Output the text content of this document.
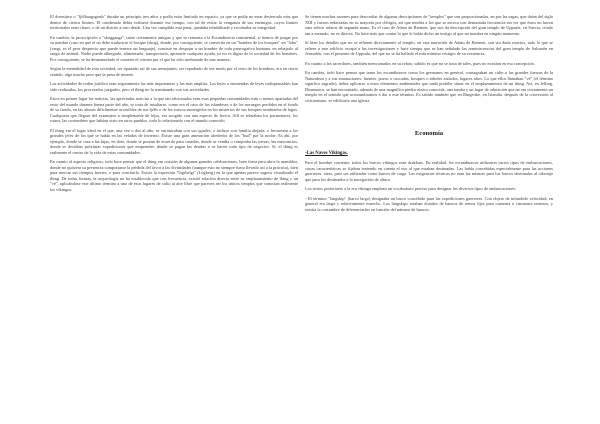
El domstirro o "fjölbaugsgardr" duraba un principio tres años y podía estar limitado en espacio, ya que se podía no estar desterrado más que dentro de ciertos límites. El condenado debía exiliarse durante ese tiempo, con tal de evitar la venganza de sus enemigos, cuyos límites territoriales eran claros, o de un distrito a otro desde. Una vez cumplida esta pena, quedaba rehabilitado y recobraba su integridad.

En cambio, la proscripción o "skoggangr", tanto ciertamente antiguo y que se remonta a la Escandinavia continental, si hemos de juzgar por su nombre (caso en que el no debe traducirse el bosque (skog), donde, por consiguiente, se convertía en un "hombre de los bosques" un "lobo" (vargr, es el peor desprecio que puede tenerse un lenguaje), consiste en despojar a un hombre de toda prerrogativa humana, en rebajarlo al rango de animal. Nadie puede albergarle, alimentarlo, transportarlo, aportarle cualquier ayuda, ya no es digno de la sociedad de los hombres. Por consiguiente, se ha desmantelado el cometer el crimen por el que ha sido arrebatado de una manera.

Según la mentalidad de esta sociedad, ser apartado así de sus semejantes, ser repudiado de ese modo por el resto de los hombres, era en cierto sentido, algo mucho peor que la pena de muerte.

Las actividades de orden jurídico eran seguramente las más importantes y las más amplias. Las leyes o enmiendas de leyes indispensables han sido realizadas, los procesados juzgados, pero el thing no la terminando con sus actividades.

Estos en primer lugar las noticias, las apreciadas noticias a la que tan aficionados eran esas pequeñas comunidades más o menos apartadas del resto del mundo durante buena parte del año, se trata de insultarse, como era el caso de los islandeses o de los noruegos perdidos en el fondo de su fiordo, en las alturas difícilmente accesibles de sus fjells o de los suecos sumergidos en los misterios de sus bosques sembrados de lagos. Cualquiera que llegara del extranjero o simplemente de lejos, era acogido con una especie de fervor. Allí se relataban los pormenores, los ruiros, las costumbres que habían visto en otros pueblos, todo lo relacionado con el mundo conocido.

El thing era el lugar ideal en el que, una vez o dos al año, se encontraban con sus iguales, o incluso con familia alejada, o frecuentar a los grandes jefes de los que se habla en las veladas de invierno. Existe una gran animación alrededor de los "bud" por la noche. Es ahí, por ejemplo, donde se casa a las hijas, en dote, donde se ponían de acuerdo para casarlas, donde se vendía o compraba las tierras, las mercancías, donde se decidían próximas expediciones que emprender, donde se pagan las deudas o se hacen todo tipo de negocios. Sí, el thing es realmente el centro de la vida de estas comunidades.

En cuanto al aspecto religioso, todo hace pensar que el thing era ocasión de algunas grandes celebraciones, bien fuera para abrir la asamblea, donde no quisiera su presencia comportarse la pérdida del favor a las divinidades (aunque esto no siempre fuera llevado así a la práctica), bien para mercar sus tiempos fuertes, o para concluirla. Existe la expresión "lögrhelgi" (Lögberg) en la que apenas parece sugerir visualizado el thing. De todas formas, la arqueología no ha establecido que con frecuencia, existió relación directa entre su emplazamiento de thing y un "vé", aplicándose este último término a uno de esos lugares de culto al aire libre que parecen ser los únicos templos que conocían realmente los vikingos.

Se tienen muchas razones para desconfiar de algunas descripciones de "templos" que son proporcionadas, en por las sagas, que datan del siglo XIII y fueron redactadas en su mayoría por clérigos, así que tendría a los que se invoca con demasiada frecuencia sin ver que éstos no hacen sino referir relatos de segunda mano. Es el caso de Adam de Bremen, que nos da descripción del gran templo de Uppsala, en Suecia, citado tan a menudo, no es directa. No hace más que contar lo que le había dicho un testigo al que no nombra en ningún momento.

Si bien los detalles que no se refieren directamente al templo, en esta narración de Adam de Bremen, son sin duda exactos, todo lo que se refiere a este edificio escapa a las investigaciones y hace tiempo que se han señalado las reminiscencias del gran templo de Salomón en Jerusalén, con el presente de Uppsala, del que no se ha hallado el más mínimo vestigio de su existencia.

En cuanto a los sacerdotes, también mencionados en su relato, sabido es que no se trata de tales, pues no existían en esa concepción.

En cambio, todo hace pensar que tanto los escandinavos como los germanos en general, consagraban un culto a las grandes fuerzas de la Naturaleza y a sus emanaciones: fuentes, pozos o cascadas, bosques o árboles aislados, lugares altos. Lo que ellos llamaban "vé" (el término significa sagrado), debía aplicarse a estos elementos ambientales que nada prohíbe situar en el emplazamiento de un thing. Así, en Jelling, Dinamarca, se han encontrado, además de una magnífica piedra rúnica conocida, una tumba y un lugar de adoración que no era ciertamente un templo en el sentido que acostumbramos a dar a este término. Es sabido también que en Ringerike, en Islandia, después de la conversión al cristianismo, se edificaría una iglesia.

Economía
-Las Naves Vikingas.

Para el hombre corriente, todos los barcos vikingos eran drakkars. En realidad, los escandinavos utilizaron varios tipos de embarcaciones, cuyas características se fijaban teniendo en cuenta el uso al que estaban destinadas. Las había concebidas especialmente para las acciones guerreras, otras, para ser utilizadas como barcos de carga. Las exigencias técnicas no eran las mismas para los barcos destinados al cabotaje que para los destinados a la navegación de altura.

Los textos posteriores a la era vikinga emplean un vocabulario preciso para designar los diversos tipos de embarcaciones:

- El término "langskip" (barco largo) designaba un barco concebido para las expediciones guerreras. Con objeto de infundirle velocidad, en general era largo y relativamente estrecho. Los langskips estaban dotados de bancos de remos fijos para cuarenta o cincuenta remeros, y existía la costumbre de diferenciarlos en función del número de bancos.
